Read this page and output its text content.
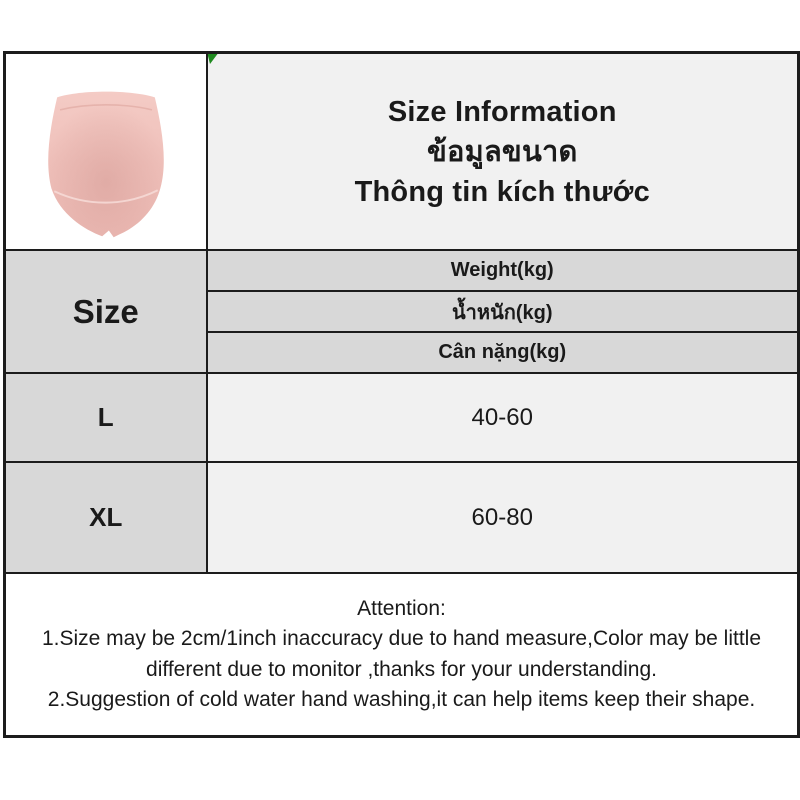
Size Information
ข้อมูลขนาด
Thông tin kích thước

Size	Weight(kg)
	น้ำหนัก(kg)
	Cân nặng(kg)
L	40-60
XL	60-80

Attention:
1.Size may be 2cm/1inch inaccuracy due to hand measure,Color may be little different due to monitor ,thanks for your understanding.
2.Suggestion of cold water hand washing,it can help items keep their shape.	
